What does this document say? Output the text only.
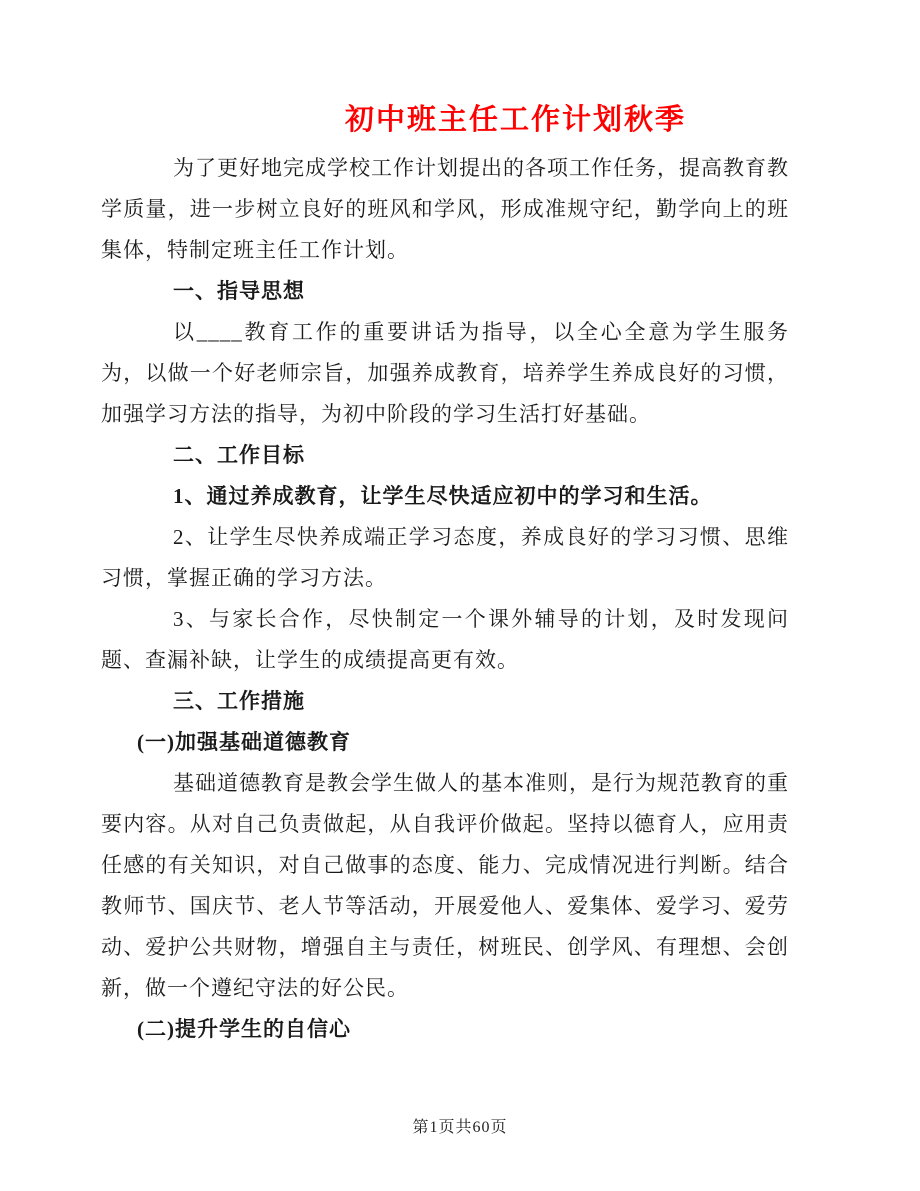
初中班主任工作计划秋季

为了更好地完成学校工作计划提出的各项工作任务，提高教育教学质量，进一步树立良好的班风和学风，形成准规守纪，勤学向上的班集体，特制定班主任工作计划。

一、指导思想

以____教育工作的重要讲话为指导，以全心全意为学生服务为，以做一个好老师宗旨，加强养成教育，培养学生养成良好的习惯，加强学习方法的指导，为初中阶段的学习生活打好基础。

二、工作目标

1、通过养成教育，让学生尽快适应初中的学习和生活。

2、让学生尽快养成端正学习态度，养成良好的学习习惯、思维习惯，掌握正确的学习方法。

3、与家长合作，尽快制定一个课外辅导的计划，及时发现问题、查漏补缺，让学生的成绩提高更有效。

三、工作措施

(一)加强基础道德教育

基础道德教育是教会学生做人的基本准则，是行为规范教育的重要内容。从对自己负责做起，从自我评价做起。坚持以德育人，应用责任感的有关知识，对自己做事的态度、能力、完成情况进行判断。结合教师节、国庆节、老人节等活动，开展爱他人、爱集体、爱学习、爱劳动、爱护公共财物，增强自主与责任，树班民、创学风、有理想、会创新，做一个遵纪守法的好公民。

(二)提升学生的自信心

第1页共60页
